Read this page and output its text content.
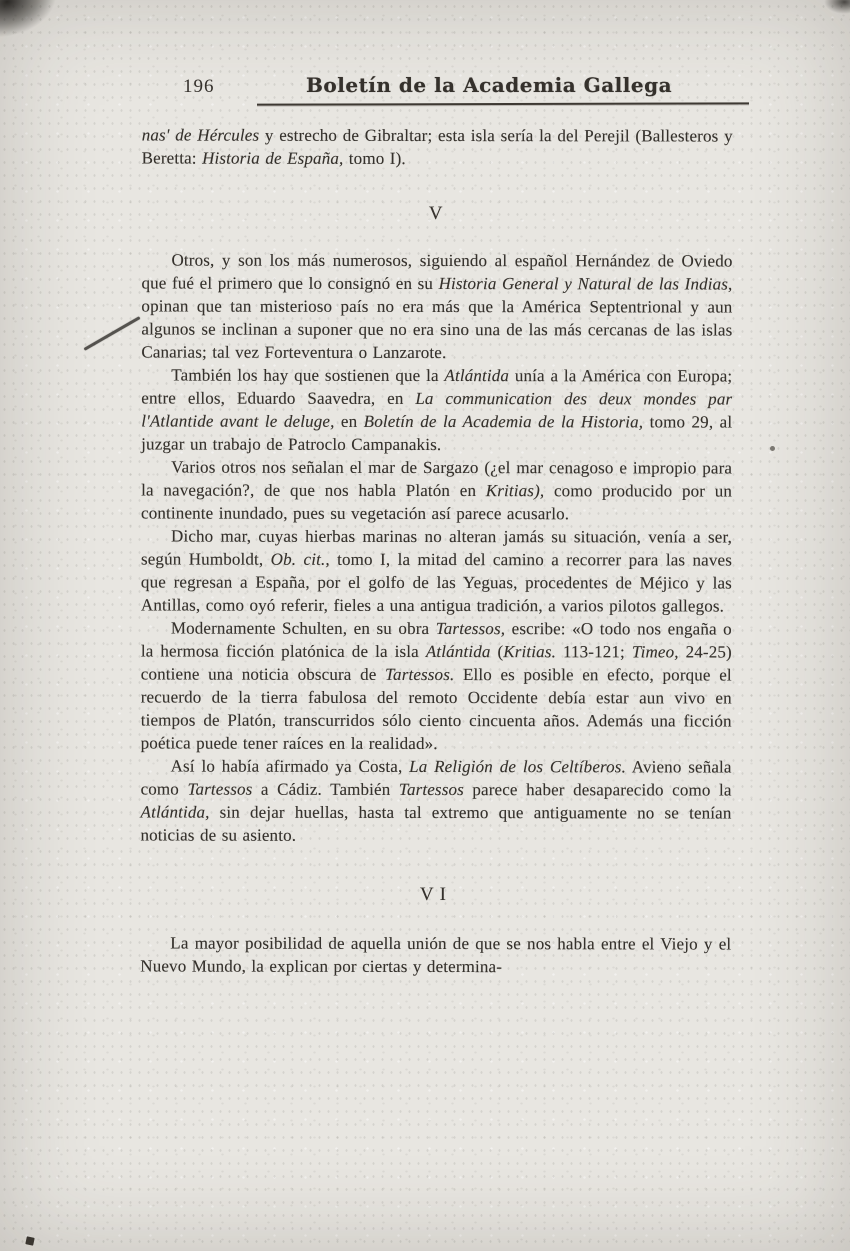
196	Boletín de la Academia Gallega

nas' de Hércules y estrecho de Gibraltar; esta isla sería la del Perejil (Ballesteros y Beretta: Historia de España, tomo I).

V

Otros, y son los más numerosos, siguiendo al español Hernández de Oviedo que fué el primero que lo consignó en su Historia General y Natural de las Indias, opinan que tan misterioso país no era más que la América Septentrional y aun algunos se inclinan a suponer que no era sino una de las más cercanas de las islas Canarias; tal vez Forteventura o Lanzarote.

También los hay que sostienen que la Atlántida unía a la América con Europa; entre ellos, Eduardo Saavedra, en La communication des deux mondes par l'Atlantide avant le deluge, en Boletín de la Academia de la Historia, tomo 29, al juzgar un trabajo de Patroclo Campanakis.

Varios otros nos señalan el mar de Sargazo (¿el mar cenagoso e impropio para la navegación?, de que nos habla Platón en Kritias), como producido por un continente inundado, pues su vegetación así parece acusarlo.

Dicho mar, cuyas hierbas marinas no alteran jamás su situación, venía a ser, según Humboldt, Ob. cit., tomo I, la mitad del camino a recorrer para las naves que regresan a España, por el golfo de las Yeguas, procedentes de Méjico y las Antillas, como oyó referir, fieles a una antigua tradición, a varios pilotos gallegos.

Modernamente Schulten, en su obra Tartessos, escribe: «O todo nos engaña o la hermosa ficción platónica de la isla Atlántida (Kritias. 113-121; Timeo, 24-25) contiene una noticia obscura de Tartessos. Ello es posible en efecto, porque el recuerdo de la tierra fabulosa del remoto Occidente debía estar aun vivo en tiempos de Platón, transcurridos sólo ciento cincuenta años. Además una ficción poética puede tener raíces en la realidad».

Así lo había afirmado ya Costa, La Religión de los Celtíberos. Avieno señala como Tartessos a Cádiz. También Tartessos parece haber desaparecido como la Atlántida, sin dejar huellas, hasta tal extremo que antiguamente no se tenían noticias de su asiento.

VI

La mayor posibilidad de aquella unión de que se nos habla entre el Viejo y el Nuevo Mundo, la explican por ciertas y determina-
